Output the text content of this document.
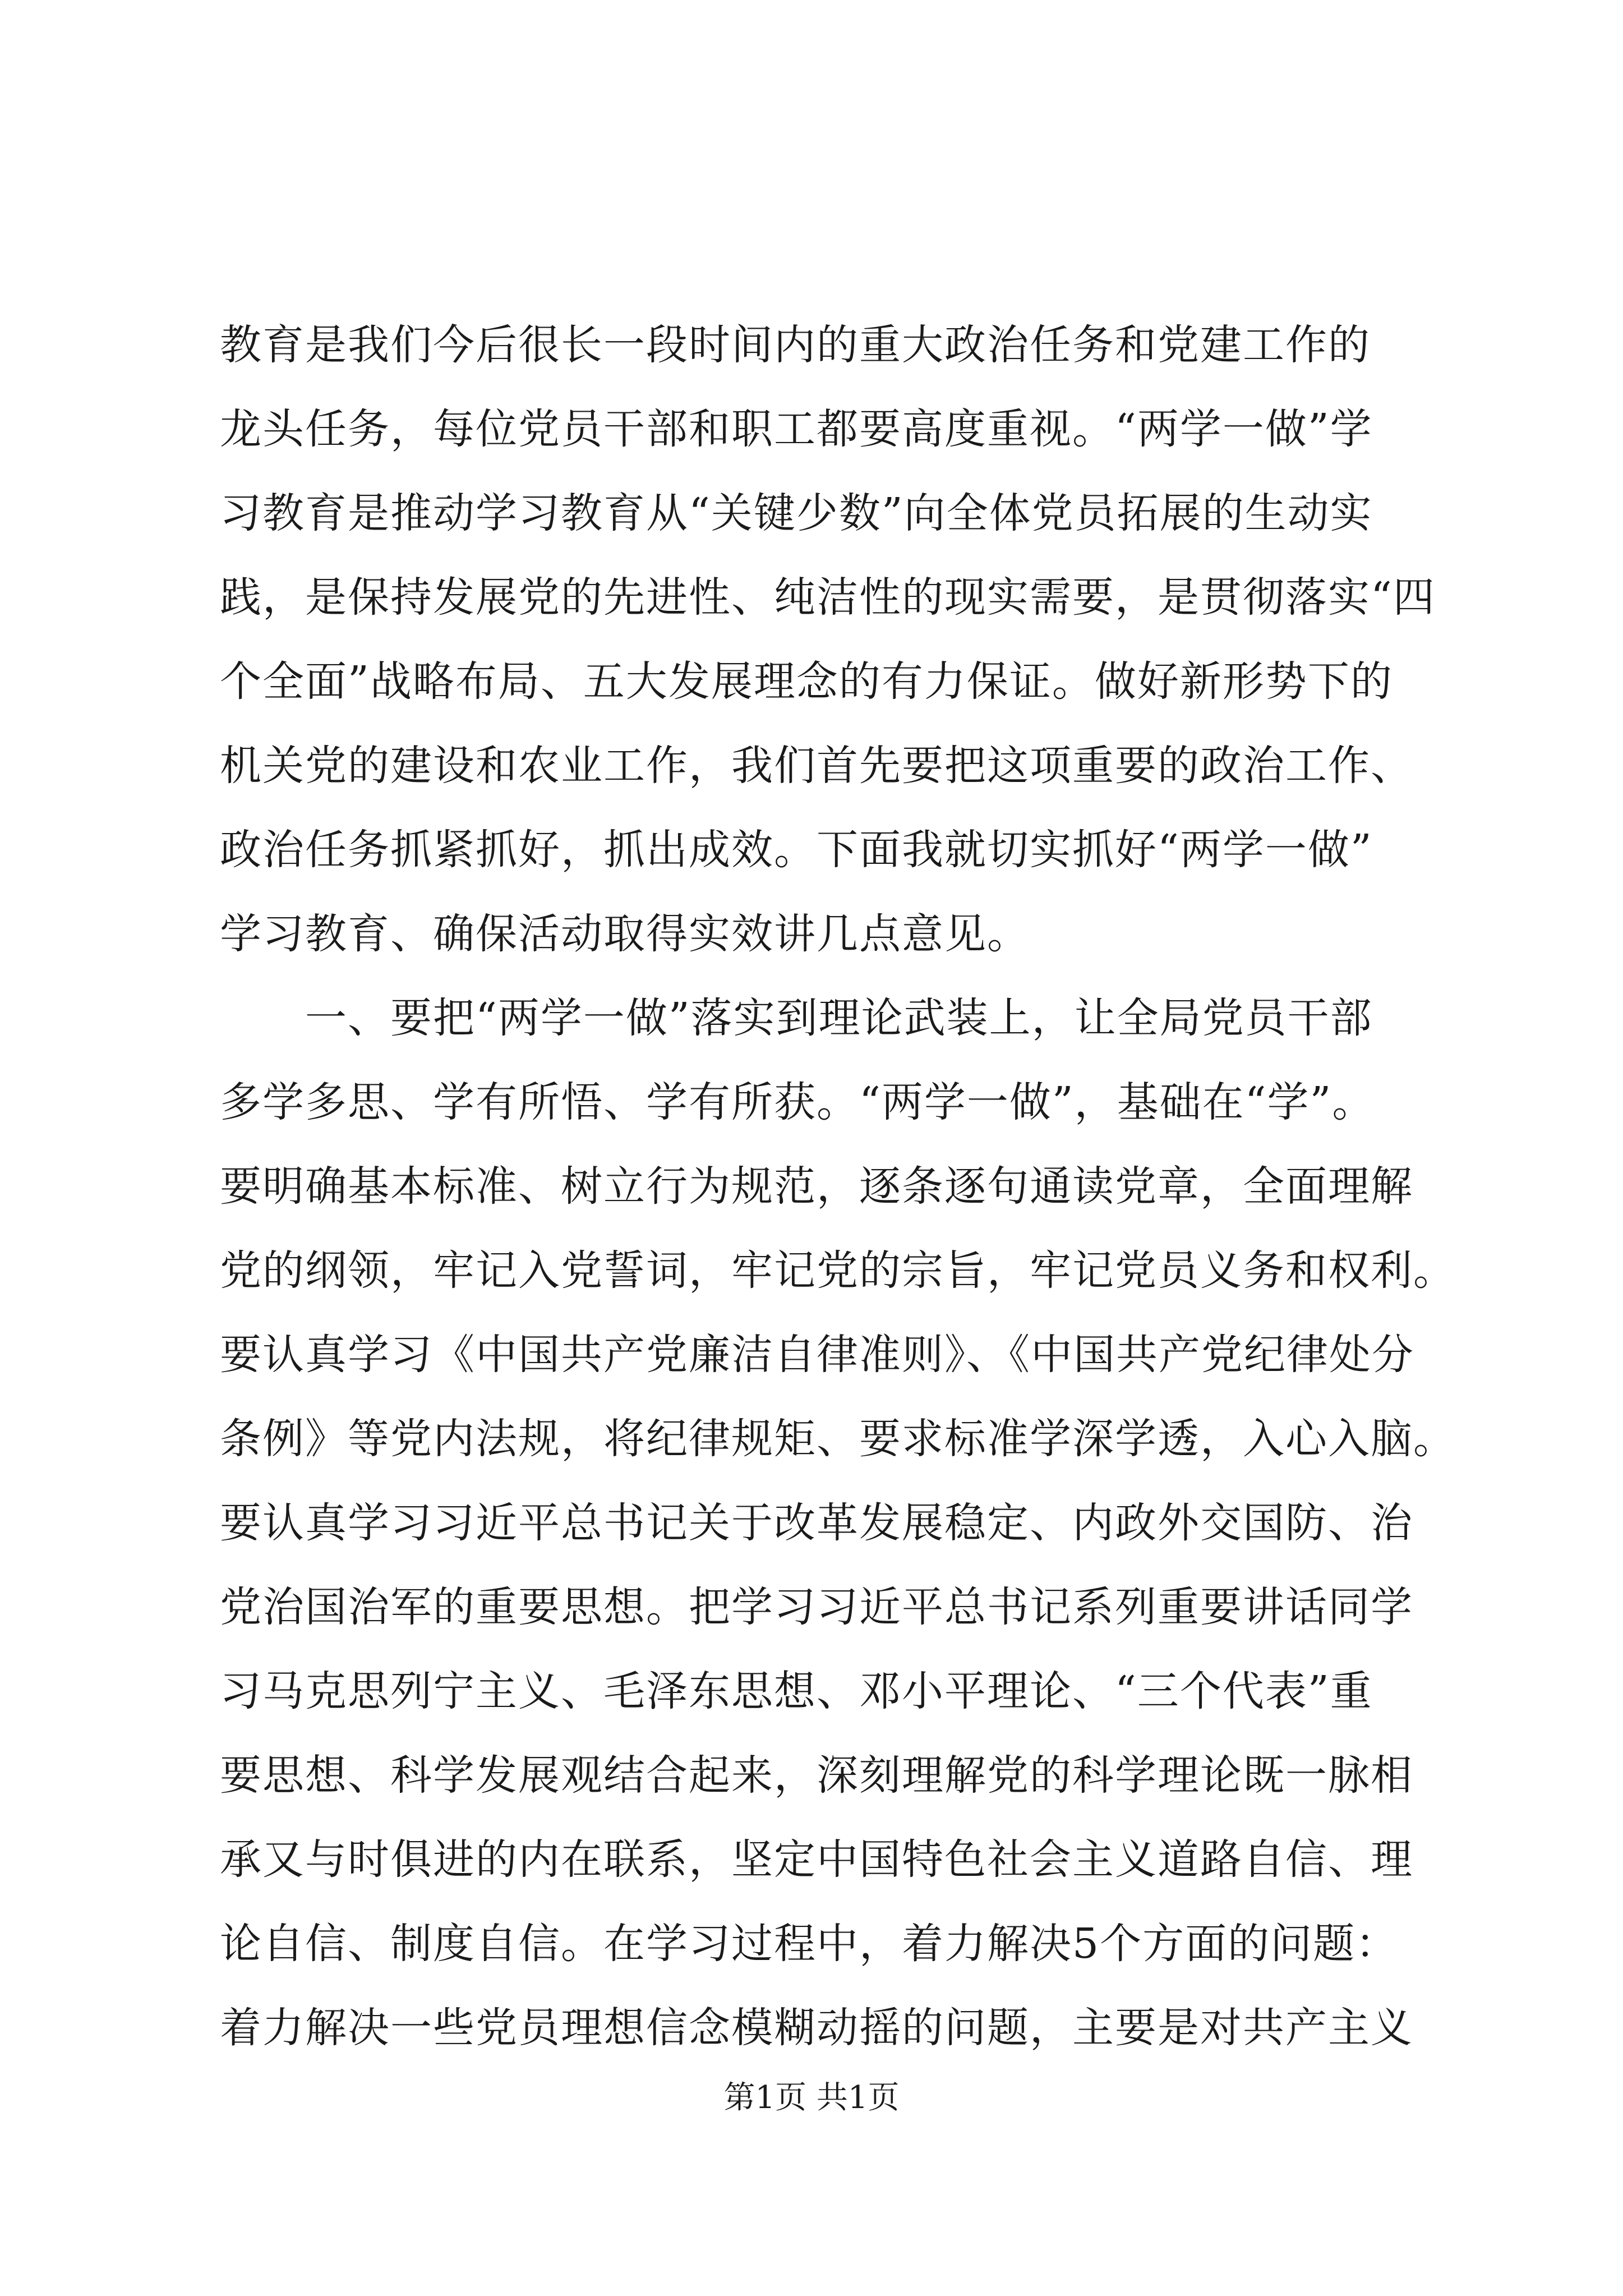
教育是我们今后很长一段时间内的重大政治任务和党建工作的
龙头任务，每位党员干部和职工都要高度重视。“两学一做”学
习教育是推动学习教育从“关键少数”向全体党员拓展的生动实
践，是保持发展党的先进性、纯洁性的现实需要，是贯彻落实“四
个全面”战略布局、五大发展理念的有力保证。做好新形势下的
机关党的建设和农业工作，我们首先要把这项重要的政治工作、
政治任务抓紧抓好，抓出成效。下面我就切实抓好“两学一做”
学习教育、确保活动取得实效讲几点意见。
　　一、要把“两学一做”落实到理论武装上，让全局党员干部
多学多思、学有所悟、学有所获。“两学一做”，基础在“学”。
要明确基本标准、树立行为规范，逐条逐句通读党章，全面理解
党的纲领，牢记入党誓词，牢记党的宗旨，牢记党员义务和权利。
要认真学习《中国共产党廉洁自律准则》、《中国共产党纪律处分
条例》等党内法规，将纪律规矩、要求标准学深学透，入心入脑。
要认真学习习近平总书记关于改革发展稳定、内政外交国防、治
党治国治军的重要思想。把学习习近平总书记系列重要讲话同学
习马克思列宁主义、毛泽东思想、邓小平理论、“三个代表”重
要思想、科学发展观结合起来，深刻理解党的科学理论既一脉相
承又与时俱进的内在联系，坚定中国特色社会主义道路自信、理
论自信、制度自信。在学习过程中，着力解决5个方面的问题：
着力解决一些党员理想信念模糊动摇的问题，主要是对共产主义
第1页 共1页
